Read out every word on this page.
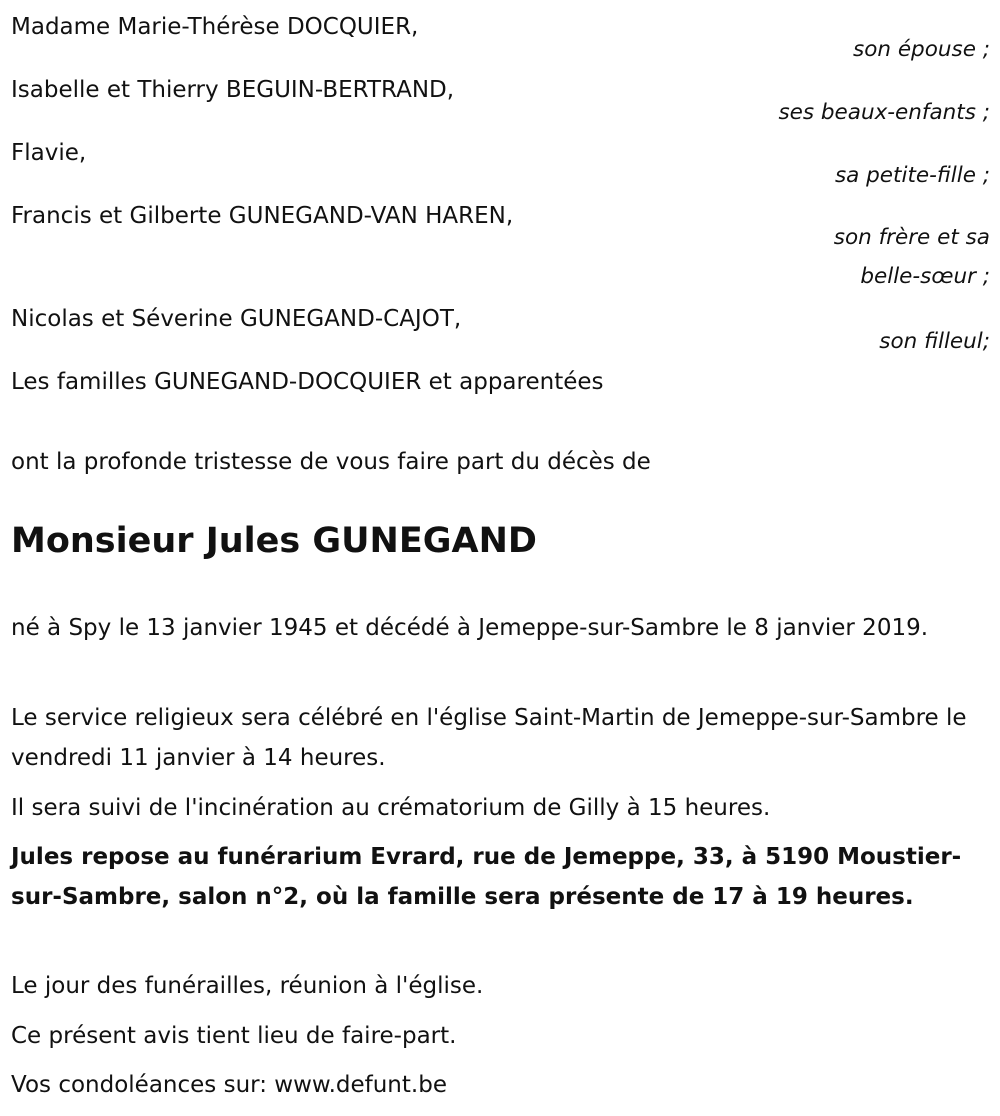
Madame Marie-Thérèse DOCQUIER,
son épouse ;
Isabelle et Thierry BEGUIN-BERTRAND,
ses beaux-enfants ;
Flavie,
sa petite-fille ;
Francis et Gilberte GUNEGAND-VAN HAREN,
son frère et sa
belle-sœur ;
Nicolas et Séverine GUNEGAND-CAJOT,
son filleul;
Les familles GUNEGAND-DOCQUIER et apparentées
ont la profonde tristesse de vous faire part du décès de
Monsieur Jules GUNEGAND
né à Spy le 13 janvier 1945 et décédé à Jemeppe-sur-Sambre le 8 janvier 2019.
Le service religieux sera célébré en l'église Saint-Martin de Jemeppe-sur-Sambre le vendredi 11 janvier à 14 heures.
Il sera suivi de l'incinération au crématorium de Gilly à 15 heures.
Jules repose au funérarium Evrard, rue de Jemeppe, 33, à 5190 Moustier-sur-Sambre, salon n°2, où la famille sera présente de 17 à 19 heures.
Le jour des funérailles, réunion à l'église.
Ce présent avis tient lieu de faire-part.
Vos condoléances sur: www.defunt.be
